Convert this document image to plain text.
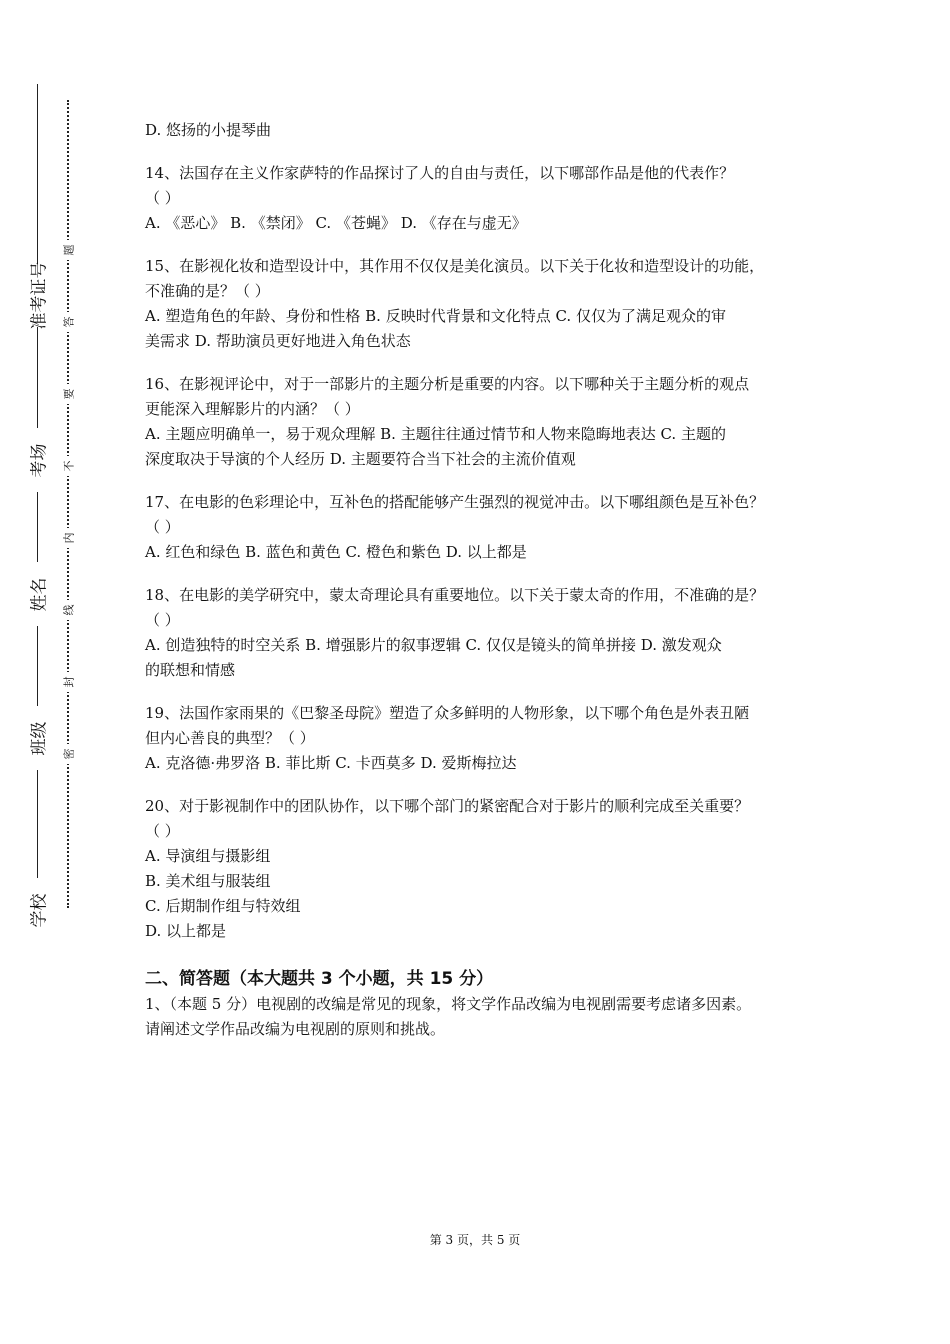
准考证号
考场
姓名
班级
学校
题
答
要
不
内
线
封
密
D. 悠扬的小提琴曲
14、法国存在主义作家萨特的作品探讨了人的自由与责任，以下哪部作品是他的代表作？
（ ）
A. 《恶心》 B. 《禁闭》 C. 《苍蝇》 D. 《存在与虚无》
15、在影视化妆和造型设计中，其作用不仅仅是美化演员。以下关于化妆和造型设计的功能，
不准确的是？（ ）
A. 塑造角色的年龄、身份和性格 B. 反映时代背景和文化特点 C. 仅仅为了满足观众的审
美需求 D. 帮助演员更好地进入角色状态
16、在影视评论中，对于一部影片的主题分析是重要的内容。以下哪种关于主题分析的观点
更能深入理解影片的内涵？（ ）
A. 主题应明确单一，易于观众理解 B. 主题往往通过情节和人物来隐晦地表达 C. 主题的
深度取决于导演的个人经历 D. 主题要符合当下社会的主流价值观
17、在电影的色彩理论中，互补色的搭配能够产生强烈的视觉冲击。以下哪组颜色是互补色？
（ ）
A. 红色和绿色 B. 蓝色和黄色 C. 橙色和紫色 D. 以上都是
18、在电影的美学研究中，蒙太奇理论具有重要地位。以下关于蒙太奇的作用，不准确的是？
（ ）
A. 创造独特的时空关系 B. 增强影片的叙事逻辑 C. 仅仅是镜头的简单拼接 D. 激发观众
的联想和情感
19、法国作家雨果的《巴黎圣母院》塑造了众多鲜明的人物形象，以下哪个角色是外表丑陋
但内心善良的典型？（ ）
A. 克洛德·弗罗洛 B. 菲比斯 C. 卡西莫多 D. 爱斯梅拉达
20、对于影视制作中的团队协作，以下哪个部门的紧密配合对于影片的顺利完成至关重要？
（ ）
A. 导演组与摄影组
B. 美术组与服装组
C. 后期制作组与特效组
D. 以上都是
二、简答题（本大题共 3 个小题，共 15 分）
1、（本题 5 分）电视剧的改编是常见的现象，将文学作品改编为电视剧需要考虑诸多因素。
请阐述文学作品改编为电视剧的原则和挑战。
第 3 页，共 5 页
